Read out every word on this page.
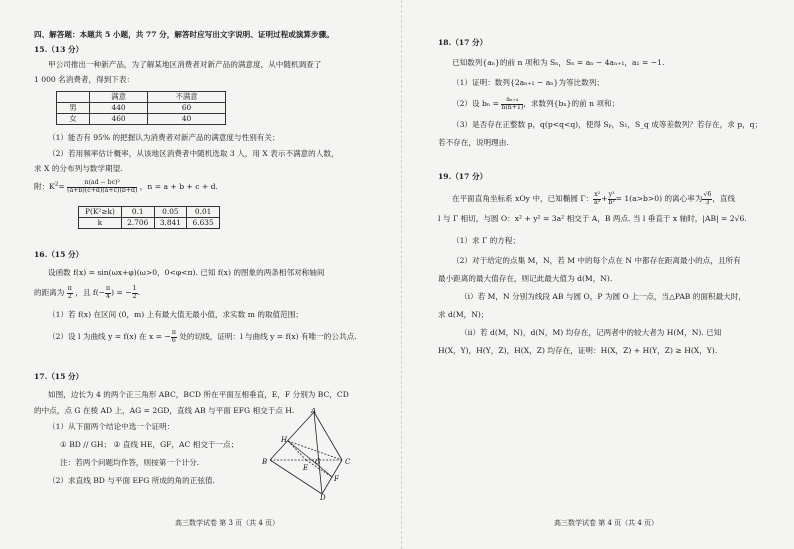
四、解答题：本题共 5 小题，共 77 分，解答时应写出文字说明、证明过程或演算步骤。
15.（13 分）
甲公司推出一种新产品，为了解某地区消费者对新产品的满意度，从中随机调查了
1 000 名消费者，得到下表：
	满意	不满意
男	440	60
女	460	40
（1）能否有 95% 的把握认为消费者对新产品的满意度与性别有关；
（2）若用频率估计概率，从该地区消费者中随机选取 3 人，用 X 表示不满意的人数，
求 X 的分布列与数学期望.
附：$K^2= \frac{\text{n(ad − bc)²}}{(a+b)(c+d)(a+c)(b+d)}$ ，n = a + b + c + d.
P(K²≥k)	0.1	0.05	0.01
k	2.706	3.841	6.635
16.（15 分）
设函数 f(x) = sin(ωx+φ)(ω>0，0<φ<π). 已知 f(x) 的图象的两条相邻对称轴间
的距离为 $\frac{\pi}{2}$ ，且 $f(- \frac{\pi}{4})$ = − $\frac{1}{2}$.
（1）若 f(x) 在区间 (0，m) 上有最大值无最小值，求实数 m 的取值范围；
（2）设 l 为曲线 y = f(x) 在 x = − $\frac{\pi}{6}$ 处的切线，证明：l 与曲线 y = f(x) 有唯一的公共点.
17.（15 分）
如图，边长为 4 的两个正三角形 ABC，BCD 所在平面互相垂直，E，F 分别为 BC，CD
的中点，点 G 在棱 AD 上，AG = 2GD，直线 AB 与平面 EFG 相交于点 H.
（1）从下面两个结论中选一个证明：
① BD // GH； ② 直线 HE，GF，AC 相交于一点；
注：若两个问题均作答，则按第一个计分.
（2）求直线 BD 与平面 EFG 所成的角的正弦值.
A
H
B	G
E
C
F
D
高三数学试卷 第 3 页（共 4 页）
18.（17 分）
已知数列{aₙ}的前 n 项和为 Sₙ，Sₙ = aₙ − 4aₙ₊₁，a₁ = −1.
（1）证明：数列{2aₙ₊₁ − aₙ}为等比数列；
（2）设 $b_n = \frac{\text{aₙ₊₄}}{n(n+1)}$，求数列{bₙ}的前 n 项和；
（3）是否存在正整数 p，q(p<q<q)，使得 Sₚ，S₁，S_q 成等差数列？若存在，求 p，q；
若不存在，说明理由.
19.（17 分）
在平面直角坐标系 xOy 中，已知椭圆 Γ： $\frac{\text{x²}}{\text{a²}}+ \frac{\text{y²}}{\text{b²}}= 1(a>b>0)$ 的离心率为 $\frac{√6}{3}$，直线
l 与 Γ 相切，与圆 O：x² + y² = 3a² 相交于 A，B 两点. 当 l 垂直于 x 轴时，|AB| = 2√6.
（1）求 Γ 的方程；
（2）对于给定的点集 M，N，若 M 中的每个点在 N 中都存在距离最小的点，且所有
最小距离的最大值存在，则记此最大值为 d(M，N).
（i）若 M，N 分别为线段 AB 与圆 O，P 为圆 O 上一点，当△PAB 的面积最大时，
求 d(M，N)；
（ii）若 d(M，N)，d(N，M) 均存在，记两者中的较大者为 H(M，N). 已知
H(X，Y)，H(Y，Z)，H(X，Z) 均存在，证明：H(X，Z) + H(Y，Z) ≥ H(X，Y).
高三数学试卷 第 4 页（共 4 页）
